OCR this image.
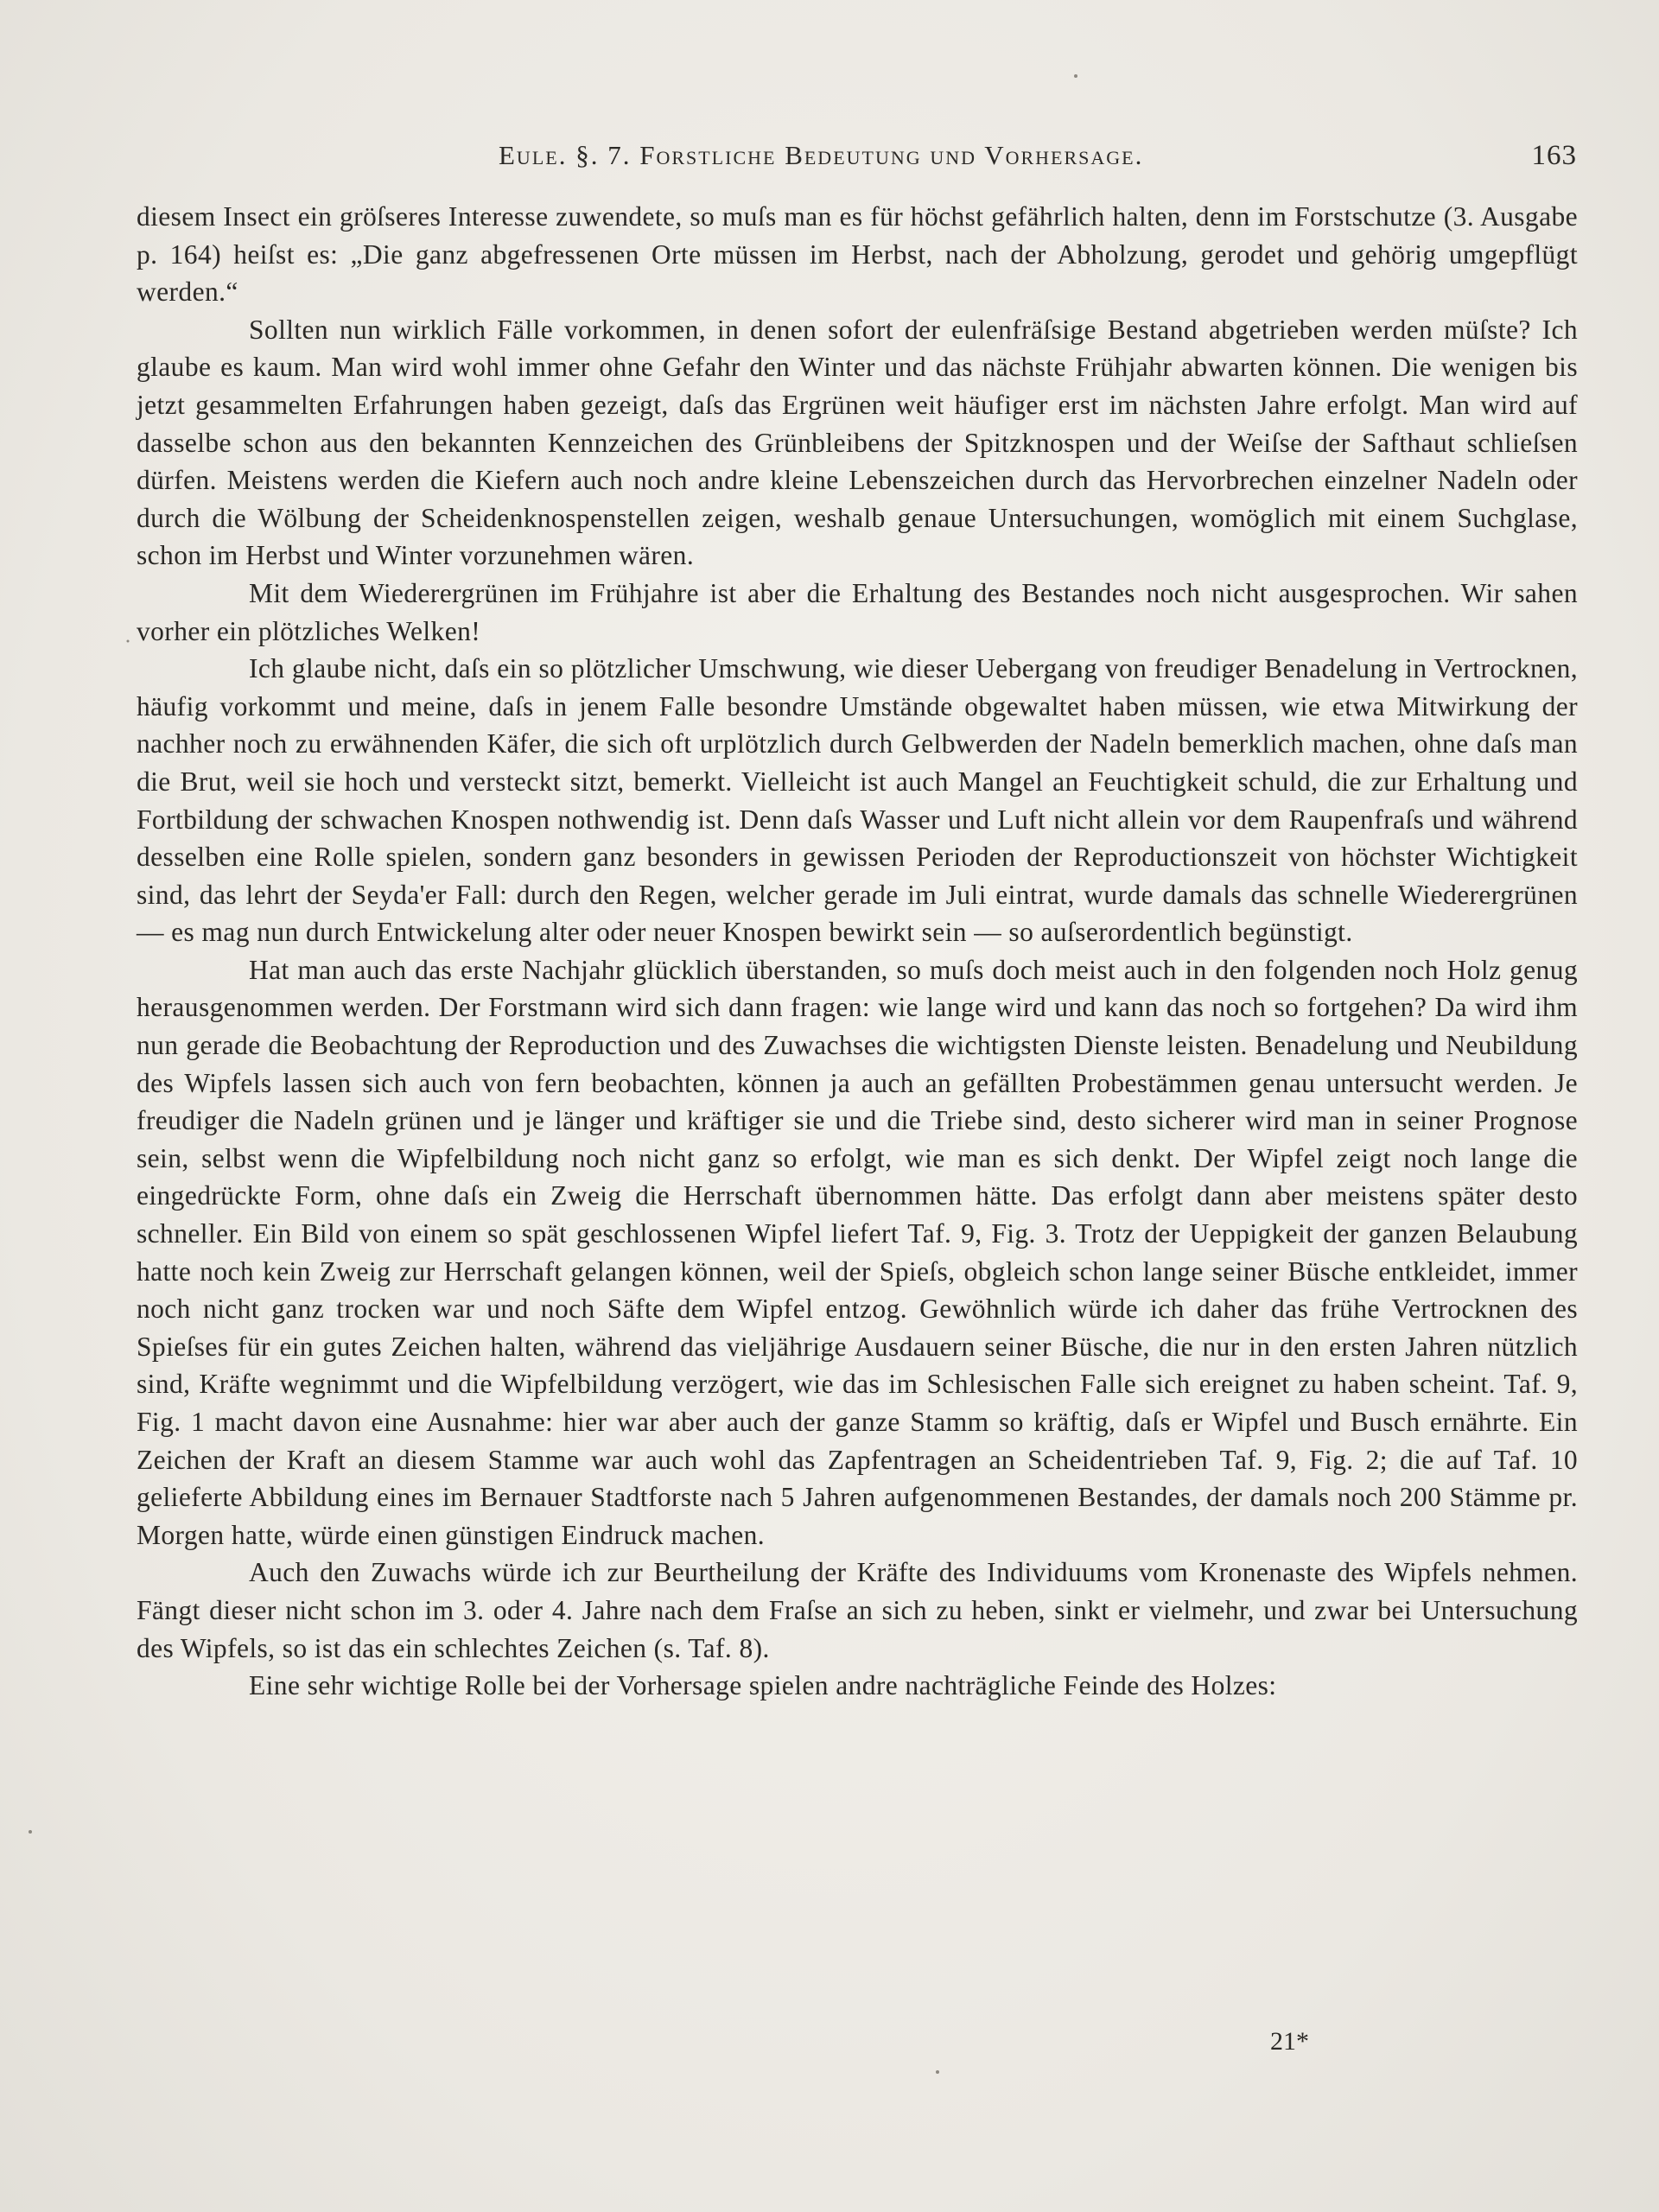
Eule. §. 7. Forstliche Bedeutung und Vorhersage.	163

diesem Insect ein gröſseres Interesse zuwendete, so muſs man es für höchst gefährlich halten, denn im Forstschutze (3. Ausgabe p. 164) heiſst es: „Die ganz abgefressenen Orte müssen im Herbst, nach der Abholzung, gerodet und gehörig umgepflügt werden.“

Sollten nun wirklich Fälle vorkommen, in denen sofort der eulenfräſsige Bestand abgetrieben werden müſste? Ich glaube es kaum. Man wird wohl immer ohne Gefahr den Winter und das nächste Frühjahr abwarten können. Die wenigen bis jetzt gesammelten Erfahrungen haben gezeigt, daſs das Ergrünen weit häufiger erst im nächsten Jahre erfolgt. Man wird auf dasselbe schon aus den bekannten Kennzeichen des Grünbleibens der Spitzknospen und der Weiſse der Safthaut schlieſsen dürfen. Meistens werden die Kiefern auch noch andre kleine Lebenszeichen durch das Hervorbrechen einzelner Nadeln oder durch die Wölbung der Scheidenknospenstellen zeigen, weshalb genaue Untersuchungen, womöglich mit einem Suchglase, schon im Herbst und Winter vorzunehmen wären.

Mit dem Wiederergrünen im Frühjahre ist aber die Erhaltung des Bestandes noch nicht ausgesprochen. Wir sahen vorher ein plötzliches Welken!

Ich glaube nicht, daſs ein so plötzlicher Umschwung, wie dieser Uebergang von freudiger Benadelung in Vertrocknen, häufig vorkommt und meine, daſs in jenem Falle besondre Umstände obgewaltet haben müssen, wie etwa Mitwirkung der nachher noch zu erwähnenden Käfer, die sich oft urplötzlich durch Gelbwerden der Nadeln bemerklich machen, ohne daſs man die Brut, weil sie hoch und versteckt sitzt, bemerkt. Vielleicht ist auch Mangel an Feuchtigkeit schuld, die zur Erhaltung und Fortbildung der schwachen Knospen nothwendig ist. Denn daſs Wasser und Luft nicht allein vor dem Raupenfraſs und während desselben eine Rolle spielen, sondern ganz besonders in gewissen Perioden der Reproductionszeit von höchster Wichtigkeit sind, das lehrt der Seyda'er Fall: durch den Regen, welcher gerade im Juli eintrat, wurde damals das schnelle Wiederergrünen — es mag nun durch Entwickelung alter oder neuer Knospen bewirkt sein — so auſserordentlich begünstigt.

Hat man auch das erste Nachjahr glücklich überstanden, so muſs doch meist auch in den folgenden noch Holz genug herausgenommen werden. Der Forstmann wird sich dann fragen: wie lange wird und kann das noch so fortgehen? Da wird ihm nun gerade die Beobachtung der Reproduction und des Zuwachses die wichtigsten Dienste leisten. Benadelung und Neubildung des Wipfels lassen sich auch von fern beobachten, können ja auch an gefällten Probestämmen genau untersucht werden. Je freudiger die Nadeln grünen und je länger und kräftiger sie und die Triebe sind, desto sicherer wird man in seiner Prognose sein, selbst wenn die Wipfelbildung noch nicht ganz so erfolgt, wie man es sich denkt. Der Wipfel zeigt noch lange die eingedrückte Form, ohne daſs ein Zweig die Herrschaft übernommen hätte. Das erfolgt dann aber meistens später desto schneller. Ein Bild von einem so spät geschlossenen Wipfel liefert Taf. 9, Fig. 3. Trotz der Ueppigkeit der ganzen Belaubung hatte noch kein Zweig zur Herrschaft gelangen können, weil der Spieſs, obgleich schon lange seiner Büsche entkleidet, immer noch nicht ganz trocken war und noch Säfte dem Wipfel entzog. Gewöhnlich würde ich daher das frühe Vertrocknen des Spieſses für ein gutes Zeichen halten, während das vieljährige Ausdauern seiner Büsche, die nur in den ersten Jahren nützlich sind, Kräfte wegnimmt und die Wipfelbildung verzögert, wie das im Schlesischen Falle sich ereignet zu haben scheint. Taf. 9, Fig. 1 macht davon eine Ausnahme: hier war aber auch der ganze Stamm so kräftig, daſs er Wipfel und Busch ernährte. Ein Zeichen der Kraft an diesem Stamme war auch wohl das Zapfentragen an Scheidentrieben Taf. 9, Fig. 2; die auf Taf. 10 gelieferte Abbildung eines im Bernauer Stadtforste nach 5 Jahren aufgenommenen Bestandes, der damals noch 200 Stämme pr. Morgen hatte, würde einen günstigen Eindruck machen.

Auch den Zuwachs würde ich zur Beurtheilung der Kräfte des Individuums vom Kronenaste des Wipfels nehmen. Fängt dieser nicht schon im 3. oder 4. Jahre nach dem Fraſse an sich zu heben, sinkt er vielmehr, und zwar bei Untersuchung des Wipfels, so ist das ein schlechtes Zeichen (s. Taf. 8).

Eine sehr wichtige Rolle bei der Vorhersage spielen andre nachträgliche Feinde des Holzes:

21*
